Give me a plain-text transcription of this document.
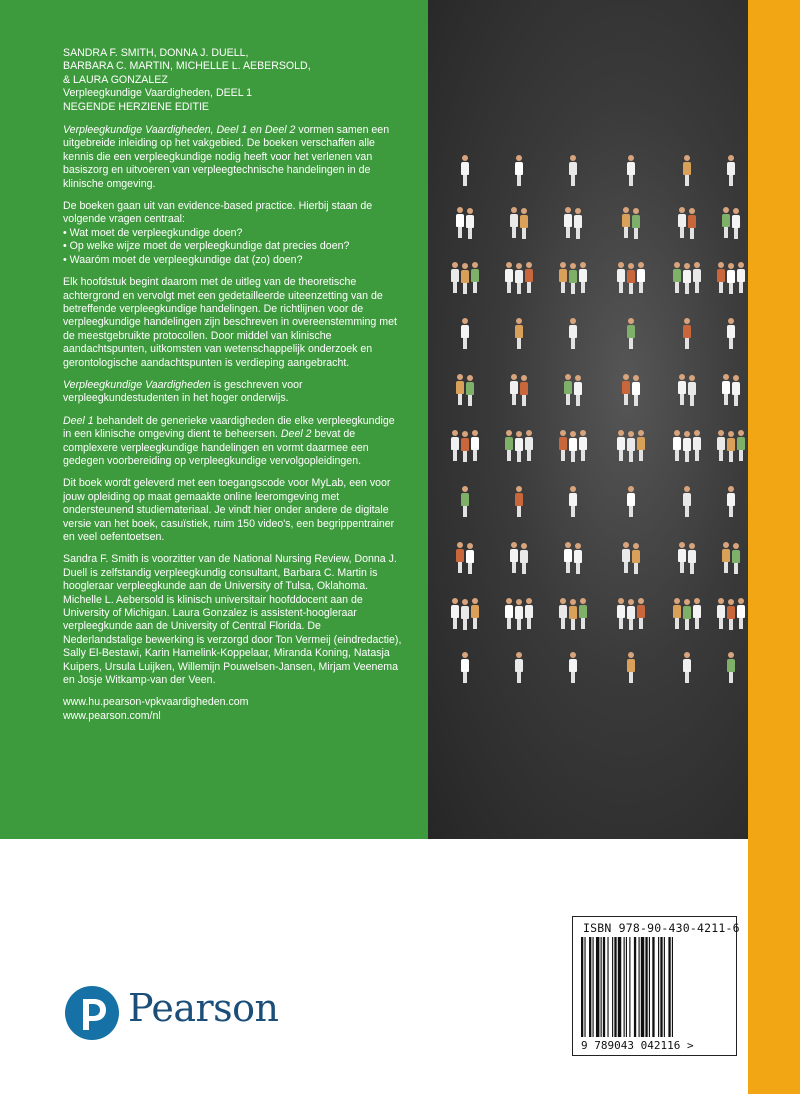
SANDRA F. SMITH, DONNA J. DUELL,
BARBARA C. MARTIN, MICHELLE L. AEBERSOLD,
& LAURA GONZALEZ
Verpleegkundige Vaardigheden, DEEL 1
NEGENDE HERZIENE EDITIE

Verpleegkundige Vaardigheden, Deel 1 en Deel 2 vormen samen een uitgebreide inleiding op het vakgebied. De boeken verschaffen alle kennis die een verpleegkundige nodig heeft voor het verlenen van basiszorg en uitvoeren van verpleegtechnische handelingen in de klinische omgeving.

De boeken gaan uit van evidence-based practice. Hierbij staan de volgende vragen centraal:
• Wat moet de verpleegkundige doen?
• Op welke wijze moet de verpleegkundige dat precies doen?
• Waaróm moet de verpleegkundige dat (zo) doen?

Elk hoofdstuk begint daarom met de uitleg van de theoretische achtergrond en vervolgt met een gedetailleerde uiteenzetting van de betreffende verpleegkundige handelingen. De richtlijnen voor de verpleegkundige handelingen zijn beschreven in overeenstemming met de meestgebruikte protocollen. Door middel van klinische aandachtspunten, uitkomsten van wetenschappelijk onderzoek en gerontologische aandachtspunten is verdieping aangebracht.

Verpleegkundige Vaardigheden is geschreven voor verpleegkundestudenten in het hoger onderwijs.

Deel 1 behandelt de generieke vaardigheden die elke verpleegkundige in een klinische omgeving dient te beheersen. Deel 2 bevat de complexere verpleegkundige handelingen en vormt daarmee een gedegen voorbereiding op verpleegkundige vervolgopleidingen.

Dit boek wordt geleverd met een toegangscode voor MyLab, een voor jouw opleiding op maat gemaakte online leeromgeving met ondersteunend studiemateriaal. Je vindt hier onder andere de digitale versie van het boek, casuïstiek, ruim 150 video's, een begrippentrainer en veel oefentoetsen.

Sandra F. Smith is voorzitter van de National Nursing Review, Donna J. Duell is zelfstandig verpleegkundig consultant, Barbara C. Martin is hoogleraar verpleegkunde aan de University of Tulsa, Oklahoma. Michelle L. Aebersold is klinisch universitair hoofddocent aan de University of Michigan. Laura Gonzalez is assistent-hoogleraar verpleegkunde aan de University of Central Florida. De Nederlandstalige bewerking is verzorgd door Ton Vermeij (eindredactie), Sally El-Bestawi, Karin Hamelink-Koppelaar, Miranda Koning, Natasja Kuipers, Ursula Luijken, Willemijn Pouwelsen-Jansen, Mirjam Veenema en Josje Witkamp-van der Veen.

www.hu.pearson-vpkvaardigheden.com
www.pearson.com/nl

Pearson
ISBN 978-90-430-4211-6
9 789043 042116 >
